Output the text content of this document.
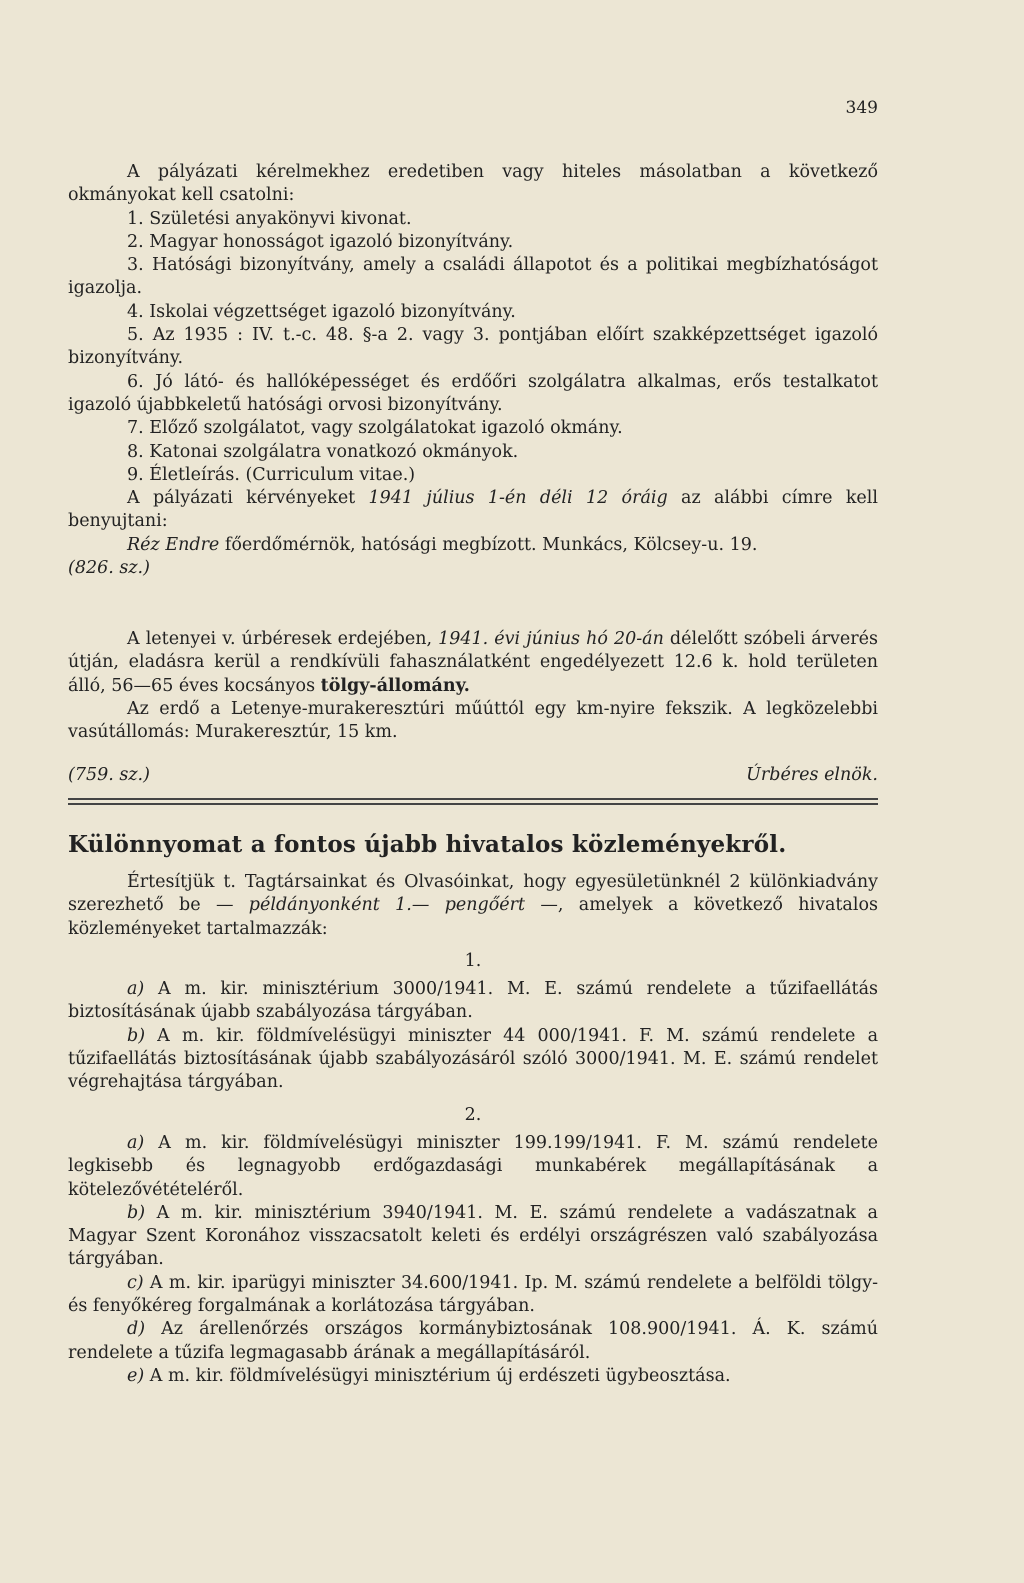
349

A pályázati kérelmekhez eredetiben vagy hiteles másolatban a következő okmányokat kell csatolni:

1. Születési anyakönyvi kivonat.

2. Magyar honosságot igazoló bizonyítvány.

3. Hatósági bizonyítvány, amely a családi állapotot és a politikai megbízhatóságot igazolja.

4. Iskolai végzettséget igazoló bizonyítvány.

5. Az 1935 : IV. t.-c. 48. §-a 2. vagy 3. pontjában előírt szakképzettséget igazoló bizonyítvány.

6. Jó látó- és hallóképességet és erdőőri szolgálatra alkalmas, erős testalkatot igazoló újabbkeletű hatósági orvosi bizonyítvány.

7. Előző szolgálatot, vagy szolgálatokat igazoló okmány.

8. Katonai szolgálatra vonatkozó okmányok.

9. Életleírás. (Curriculum vitae.)

A pályázati kérvényeket 1941 július 1-én déli 12 óráig az alábbi címre kell benyujtani:

Réz Endre főerdőmérnök, hatósági megbízott. Munkács, Kölcsey-u. 19.

(826. sz.)

A letenyei v. úrbéresek erdejében, 1941. évi június hó 20-án délelőtt szóbeli árverés útján, eladásra kerül a rendkívüli fahasználatként engedélyezett 12.6 k. hold területen álló, 56—65 éves kocsányos tölgy-állomány.

Az erdő a Letenye-murakeresztúri műúttól egy km-nyire fekszik. A legközelebbi vasútállomás: Murakeresztúr, 15 km.

(759. sz.)	Úrbéres elnök.

Különnyomat a fontos újabb hivatalos közleményekről.

Értesítjük t. Tagtársainkat és Olvasóinkat, hogy egyesületünknél 2 különkiadvány szerezhető be — példányonként 1.— pengőért —, amelyek a következő hivatalos közleményeket tartalmazzák:

1.

a) A m. kir. minisztérium 3000/1941. M. E. számú rendelete a tűzifaellátás biztosításának újabb szabályozása tárgyában.

b) A m. kir. földmívelésügyi miniszter 44 000/1941. F. M. számú rendelete a tűzifaellátás biztosításának újabb szabályozásáról szóló 3000/1941. M. E. számú rendelet végrehajtása tárgyában.

2.

a) A m. kir. földmívelésügyi miniszter 199.199/1941. F. M. számú rendelete legkisebb és legnagyobb erdőgazdasági munkabérek megállapításának a kötelezővétételéről.

b) A m. kir. minisztérium 3940/1941. M. E. számú rendelete a vadászatnak a Magyar Szent Koronához visszacsatolt keleti és erdélyi országrészen való szabályozása tárgyában.

c) A m. kir. iparügyi miniszter 34.600/1941. Ip. M. számú rendelete a belföldi tölgy- és fenyőkéreg forgalmának a korlátozása tárgyában.

d) Az árellenőrzés országos kormánybiztosának 108.900/1941. Á. K. számú rendelete a tűzifa legmagasabb árának a megállapításáról.

e) A m. kir. földmívelésügyi minisztérium új erdészeti ügybeosztása.
